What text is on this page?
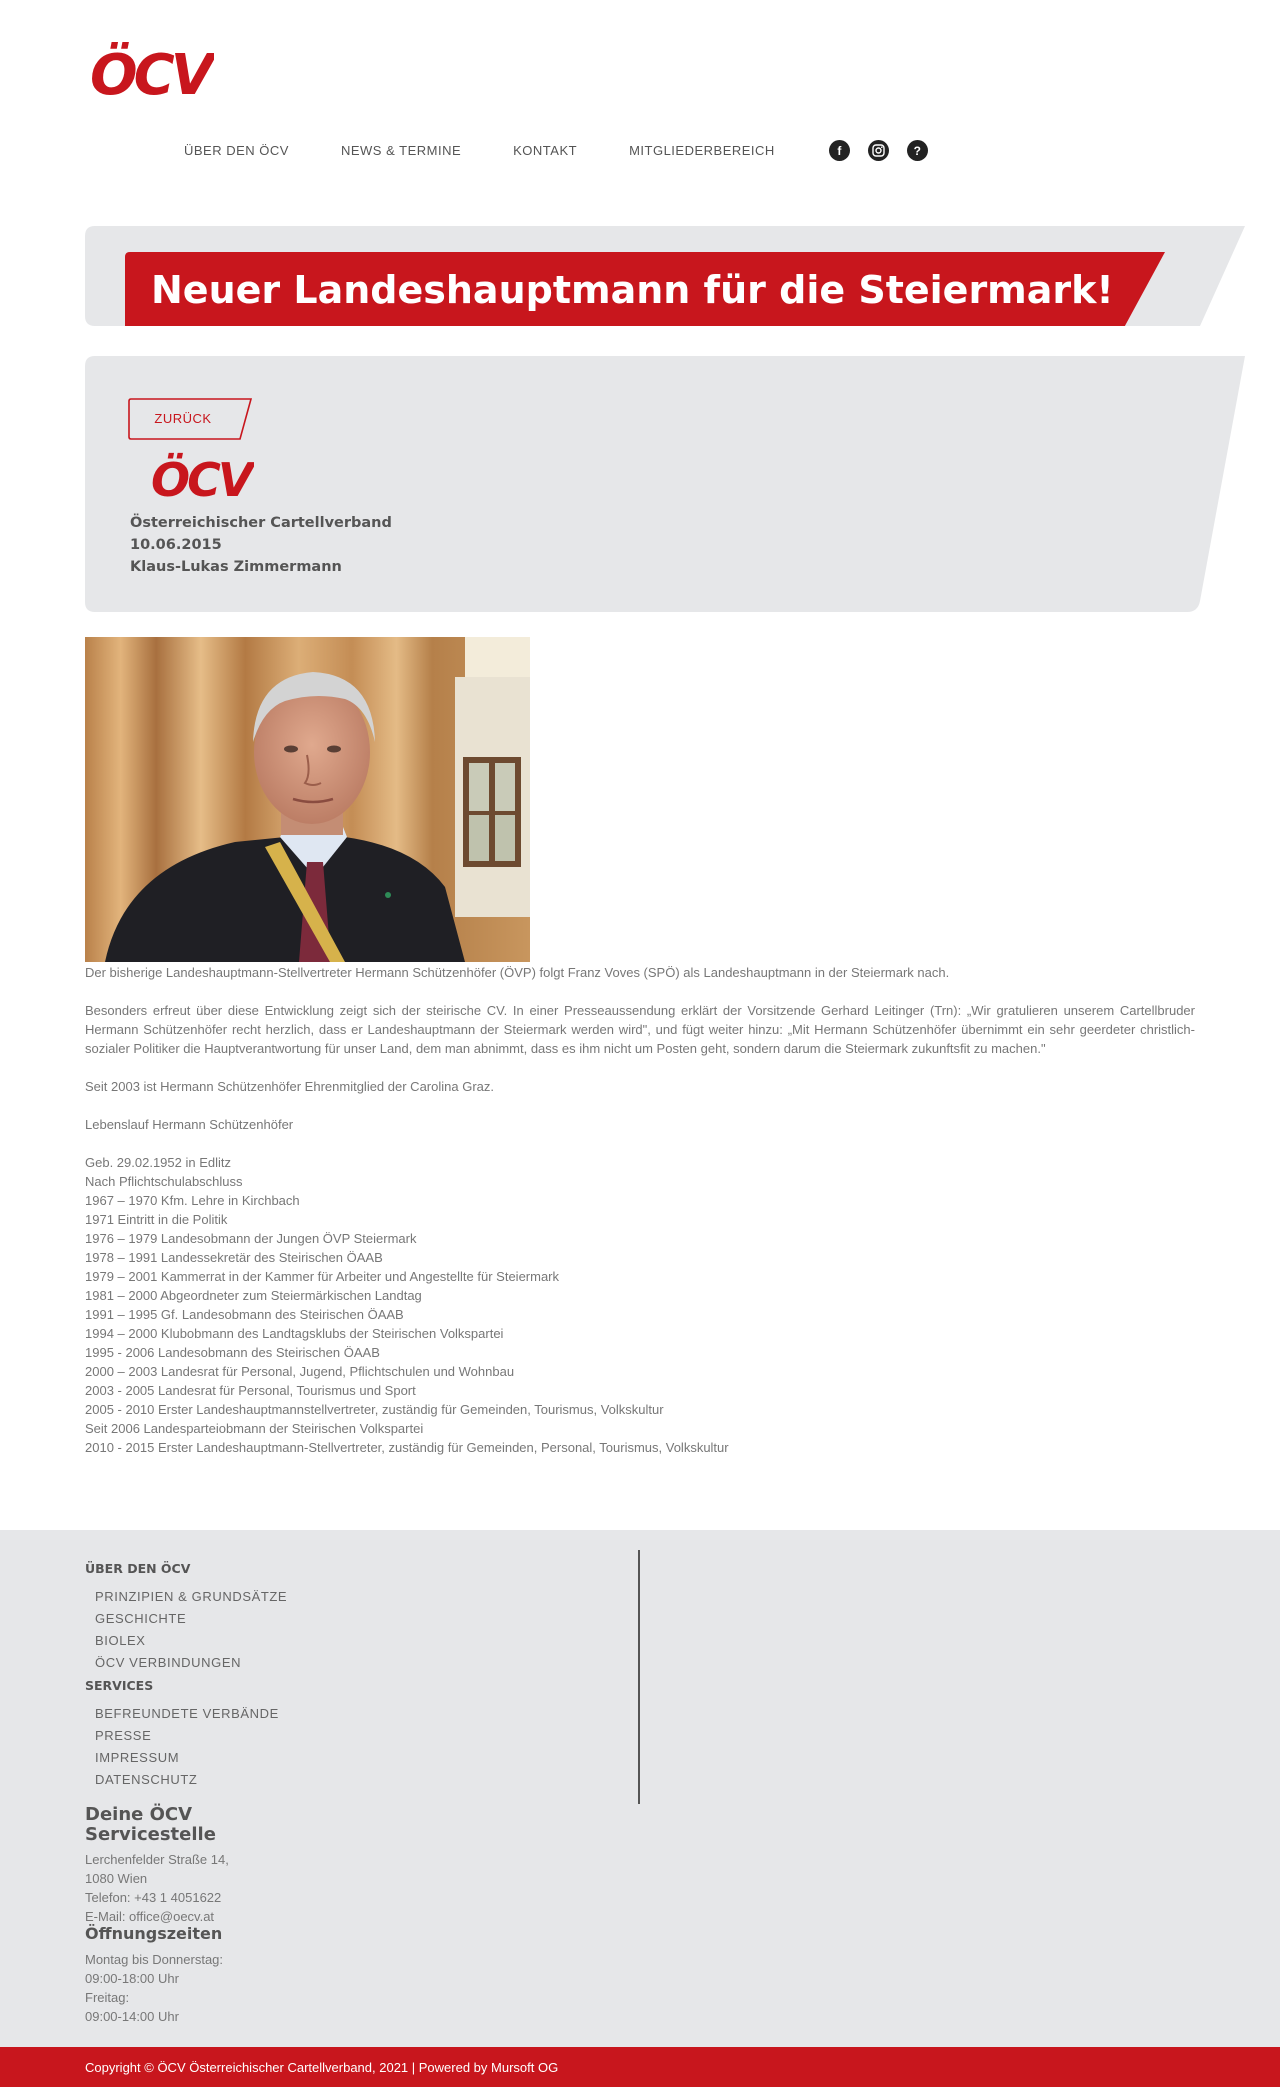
ÖCV
ÜBER DEN ÖCV	NEWS & TERMINE	KONTAKT	MITGLIEDERBEREICH	f	?
Neuer Landeshauptmann für die Steiermark!
ZURÜCK
ÖCV
Österreichischer Cartellverband
10.06.2015
Klaus-Lukas Zimmermann

Der bisherige Landeshauptmann-Stellvertreter Hermann Schützenhöfer (ÖVP) folgt Franz Voves (SPÖ) als Landeshauptmann in der Steiermark nach.

Besonders erfreut über diese Entwicklung zeigt sich der steirische CV. In einer Presseaussendung erklärt der Vorsitzende Gerhard Leitinger (Trn): „Wir gratulieren unserem Cartellbruder Hermann Schützenhöfer recht herzlich, dass er Landeshauptmann der Steiermark werden wird", und fügt weiter hinzu: „Mit Hermann Schützenhöfer übernimmt ein sehr geerdeter christlich-sozialer Politiker die Hauptverantwortung für unser Land, dem man abnimmt, dass es ihm nicht um Posten geht, sondern darum die Steiermark zukunftsfit zu machen."

Seit 2003 ist Hermann Schützenhöfer Ehrenmitglied der Carolina Graz.

Lebenslauf Hermann Schützenhöfer

Geb. 29.02.1952 in Edlitz
Nach Pflichtschulabschluss
1967 – 1970 Kfm. Lehre in Kirchbach
1971 Eintritt in die Politik
1976 – 1979 Landesobmann der Jungen ÖVP Steiermark
1978 – 1991 Landessekretär des Steirischen ÖAAB
1979 – 2001 Kammerrat in der Kammer für Arbeiter und Angestellte für Steiermark
1981 – 2000 Abgeordneter zum Steiermärkischen Landtag
1991 – 1995 Gf. Landesobmann des Steirischen ÖAAB
1994 – 2000 Klubobmann des Landtagsklubs der Steirischen Volkspartei
1995 - 2006 Landesobmann des Steirischen ÖAAB
2000 – 2003 Landesrat für Personal, Jugend, Pflichtschulen und Wohnbau
2003 - 2005 Landesrat für Personal, Tourismus und Sport
2005 - 2010 Erster Landeshauptmannstellvertreter, zuständig für Gemeinden, Tourismus, Volkskultur
Seit 2006 Landesparteiobmann der Steirischen Volkspartei
2010 - 2015 Erster Landeshauptmann-Stellvertreter, zuständig für Gemeinden, Personal, Tourismus, Volkskultur
ÜBER DEN ÖCV
PRINZIPIEN & GRUNDSÄTZE
GESCHICHTE
BIOLEX
ÖCV VERBINDUNGEN
SERVICES
BEFREUNDETE VERBÄNDE
PRESSE
IMPRESSUM
DATENSCHUTZ
Deine ÖCV
Servicestelle
Lerchenfelder Straße 14,
1080 Wien
Telefon: +43 1 4051622
E-Mail: office@oecv.at
Öffnungszeiten
Montag bis Donnerstag:
09:00-18:00 Uhr
Freitag:
09:00-14:00 Uhr
Copyright © ÖCV Österreichischer Cartellverband, 2021 | Powered by Mursoft OG
